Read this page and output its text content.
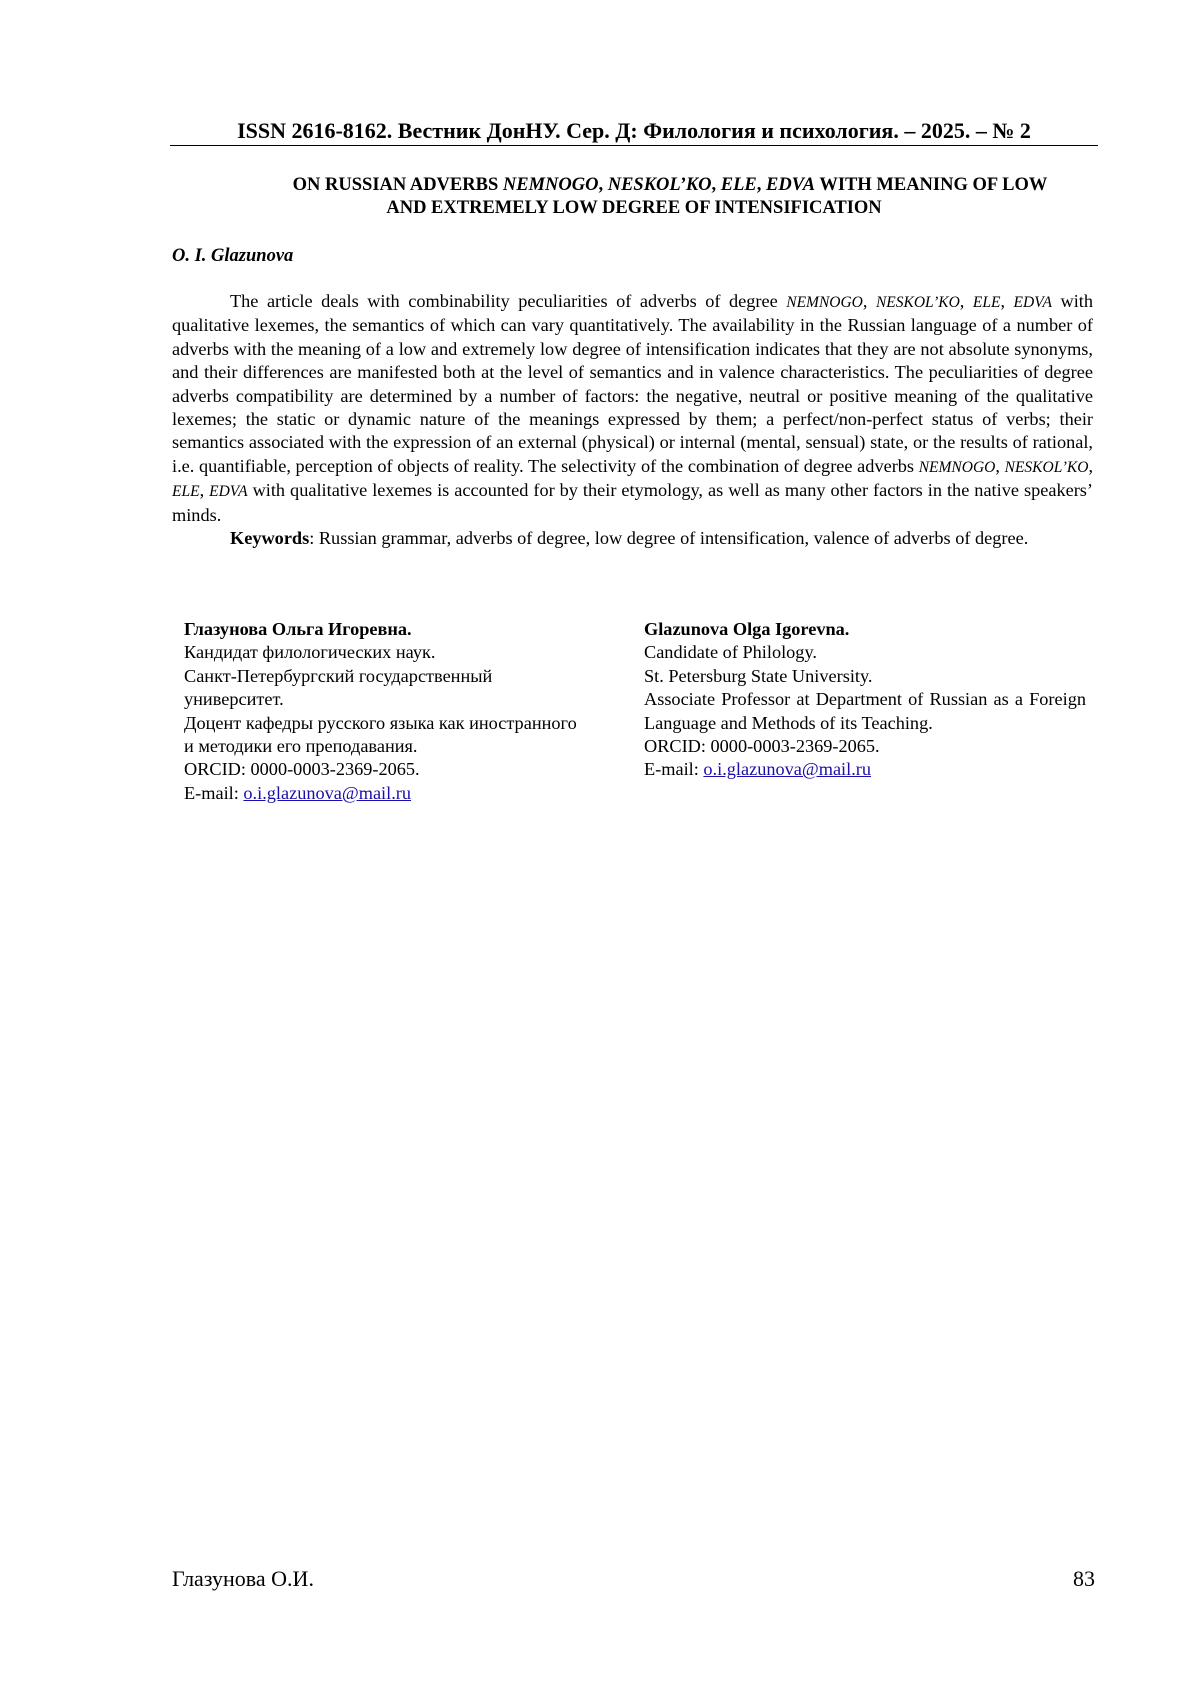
ISSN 2616-8162. Вестник ДонНУ. Сер. Д: Филология и психология. – 2025. – № 2
ON RUSSIAN ADVERBS NEMNOGO, NESKOL’KO, ELE, EDVA WITH MEANING OF LOW
AND EXTREMELY LOW DEGREE OF INTENSIFICATION
O. I. Glazunova

The article deals with combinability peculiarities of adverbs of degree NEMNOGO, NESKOL’KO, ELE, EDVA with qualitative lexemes, the semantics of which can vary quantitatively. The availability in the Russian language of a number of adverbs with the meaning of a low and extremely low degree of intensification indicates that they are not absolute synonyms, and their differences are manifested both at the level of semantics and in valence characteristics. The peculiarities of degree adverbs compatibility are determined by a number of factors: the negative, neutral or positive meaning of the qualitative lexemes; the static or dynamic nature of the meanings expressed by them; a perfect/non-perfect status of verbs; their semantics associated with the expression of an external (physical) or internal (mental, sensual) state, or the results of rational, i.e. quantifiable, perception of objects of reality. The selectivity of the combination of degree adverbs NEMNOGO, NESKOL’KO, ELE, EDVA with qualitative lexemes is accounted for by their etymology, as well as many other factors in the native speakers’ minds.

Keywords: Russian grammar, adverbs of degree, low degree of intensification, valence of adverbs of degree.

Глазунова Ольга Игоревна.
Кандидат филологических наук.
Санкт-Петербургский государственный
университет.
Доцент кафедры русского языка как иностранного
и методики его преподавания.
ORCID: 0000-0003-2369-2065.
E-mail: o.i.glazunova@mail.ru
Glazunova Olga Igorevna.
Candidate of Philology.
St. Petersburg State University.
Associate Professor at Department of Russian as a Foreign Language and Methods of its Teaching.
ORCID: 0000-0003-2369-2065.
E-mail: o.i.glazunova@mail.ru
Глазунова О.И.	83
